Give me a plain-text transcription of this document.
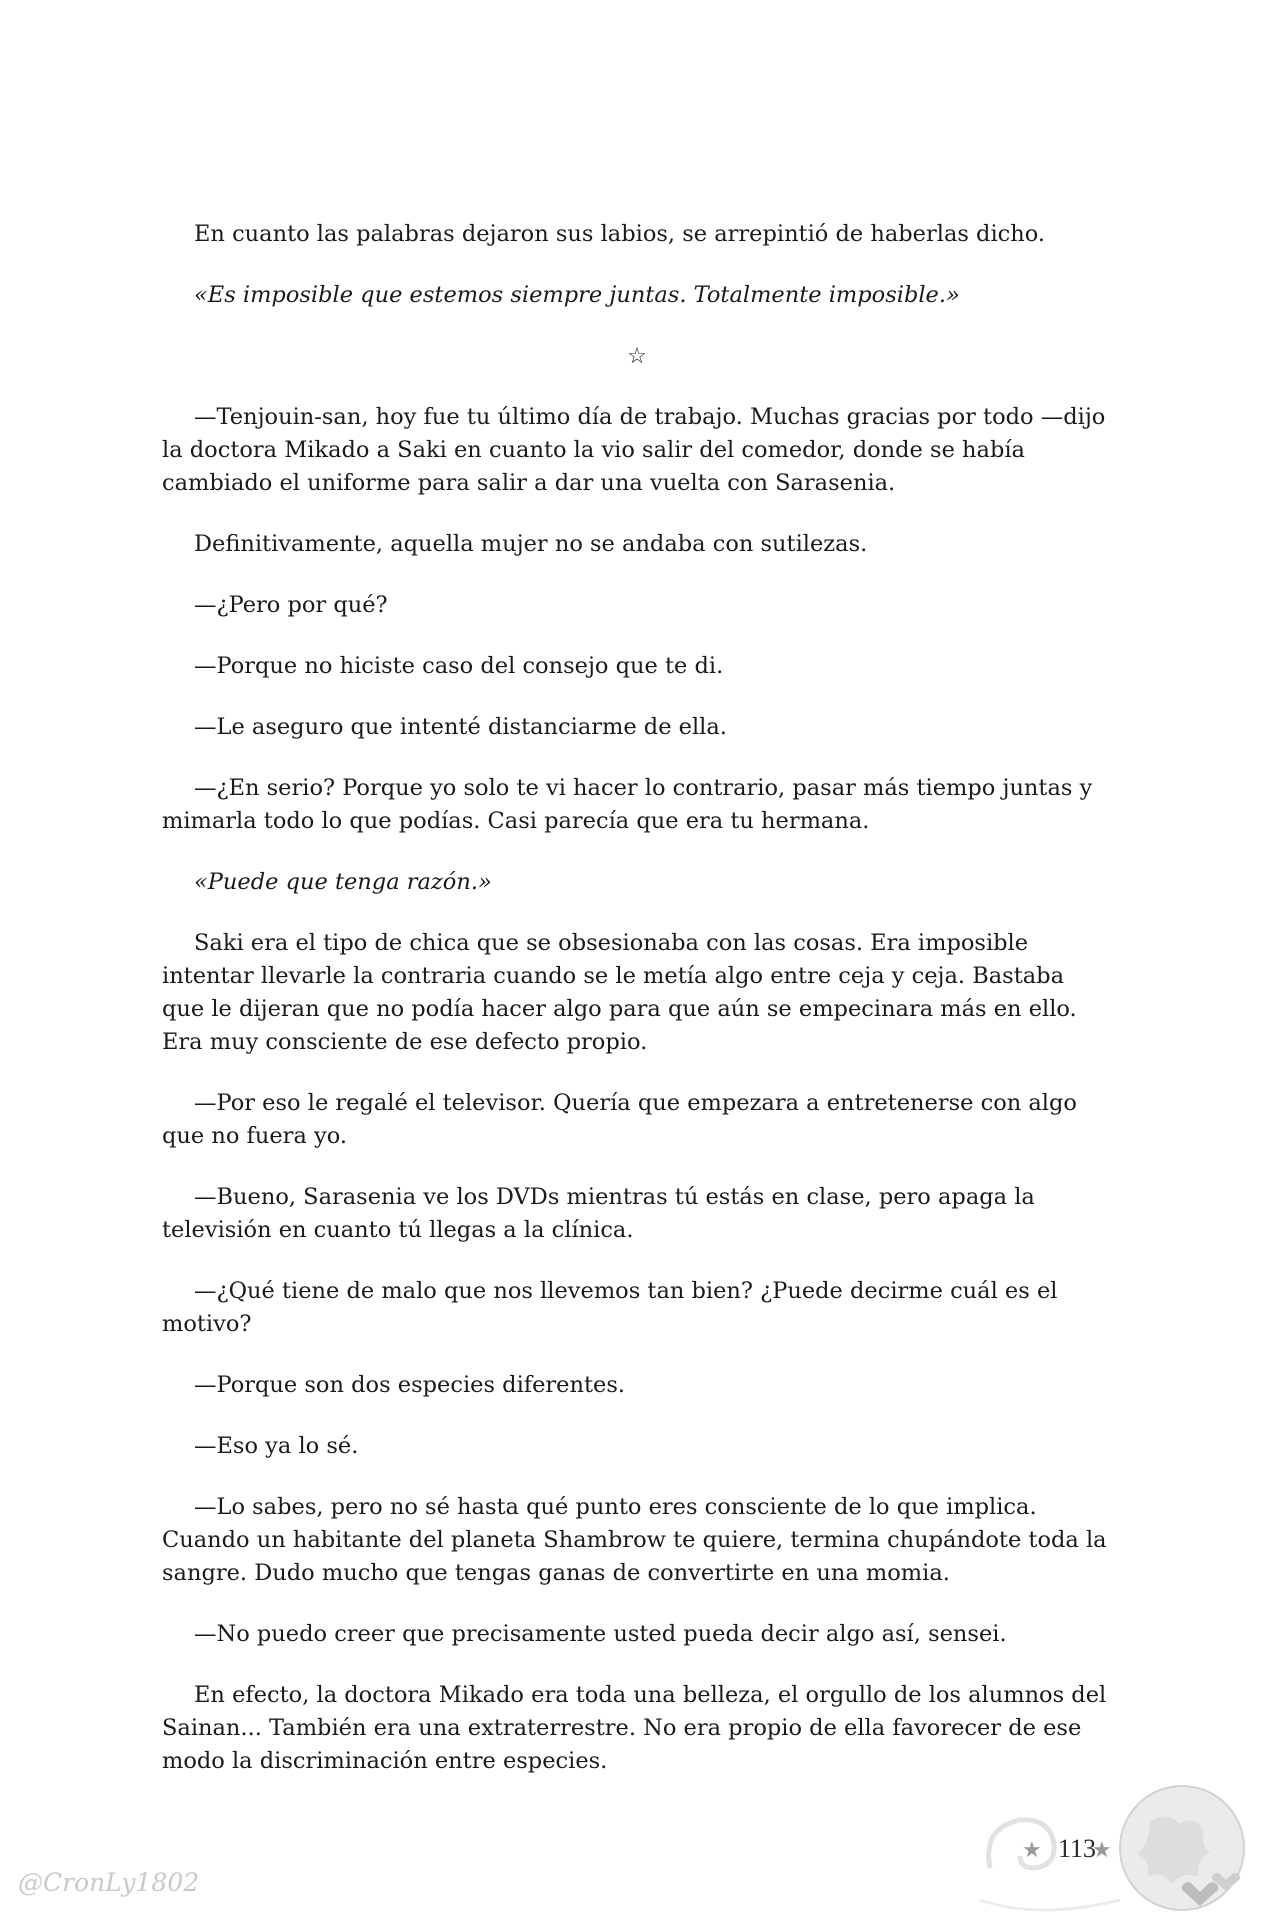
En cuanto las palabras dejaron sus labios, se arrepintió de haberlas dicho.

«Es imposible que estemos siempre juntas. Totalmente imposible.»

☆

—Tenjouin-san, hoy fue tu último día de trabajo. Muchas gracias por todo —dijo la doctora Mikado a Saki en cuanto la vio salir del comedor, donde se había cambiado el uniforme para salir a dar una vuelta con Sarasenia.

Definitivamente, aquella mujer no se andaba con sutilezas.

—¿Pero por qué?

—Porque no hiciste caso del consejo que te di.

—Le aseguro que intenté distanciarme de ella.

—¿En serio? Porque yo solo te vi hacer lo contrario, pasar más tiempo juntas y mimarla todo lo que podías. Casi parecía que era tu hermana.

«Puede que tenga razón.»

Saki era el tipo de chica que se obsesionaba con las cosas. Era imposible intentar llevarle la contraria cuando se le metía algo entre ceja y ceja. Bastaba que le dijeran que no podía hacer algo para que aún se empecinara más en ello. Era muy consciente de ese defecto propio.

—Por eso le regalé el televisor. Quería que empezara a entretenerse con algo que no fuera yo.

—Bueno, Sarasenia ve los DVDs mientras tú estás en clase, pero apaga la televisión en cuanto tú llegas a la clínica.

—¿Qué tiene de malo que nos llevemos tan bien? ¿Puede decirme cuál es el motivo?

—Porque son dos especies diferentes.

—Eso ya lo sé.

—Lo sabes, pero no sé hasta qué punto eres consciente de lo que implica. Cuando un habitante del planeta Shambrow te quiere, termina chupándote toda la sangre. Dudo mucho que tengas ganas de convertirte en una momia.

—No puedo creer que precisamente usted pueda decir algo así, sensei.

En efecto, la doctora Mikado era toda una belleza, el orgullo de los alumnos del Sainan... También era una extraterrestre. No era propio de ella favorecer de ese modo la discriminación entre especies.

★ 113
★
@CronLy1802
